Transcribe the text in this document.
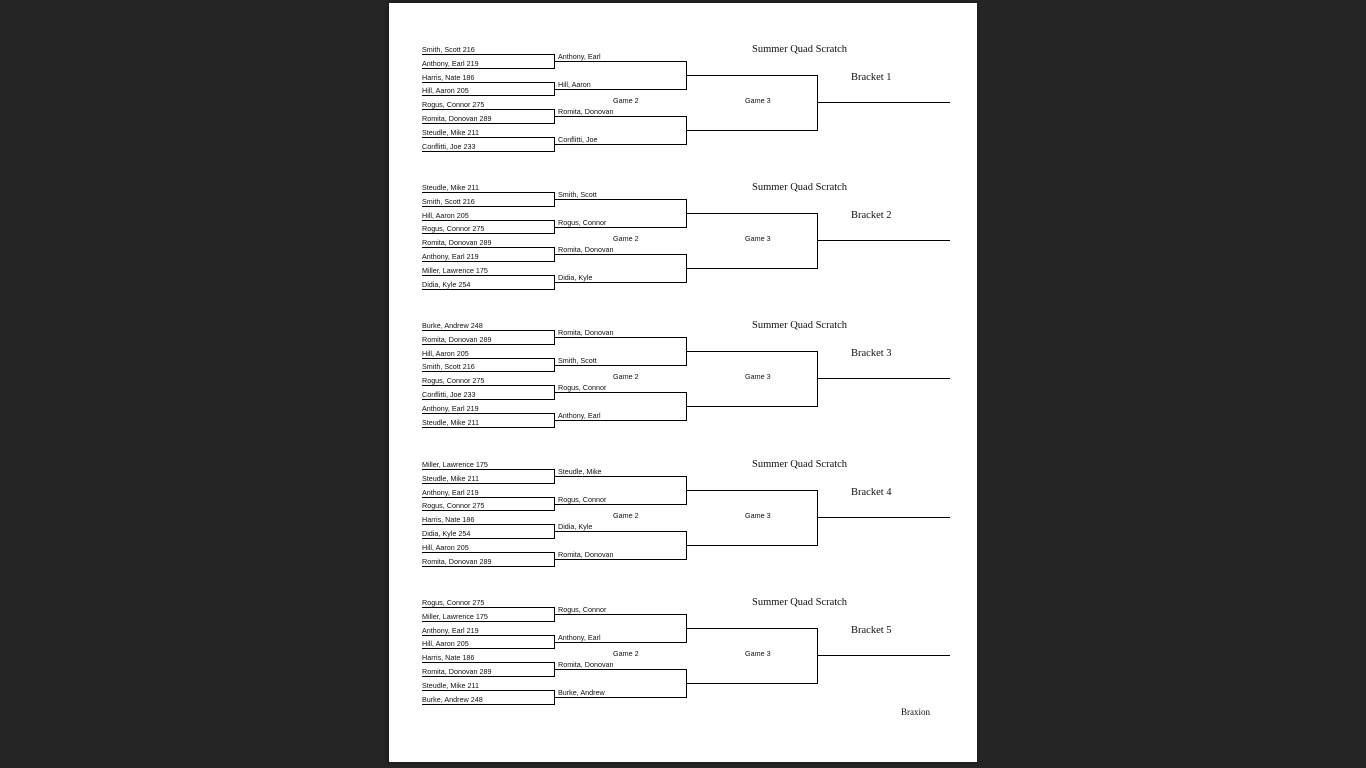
Smith, Scott 216
Anthony, Earl 219
Harris, Nate 186
Hill, Aaron 205
Rogus, Connor 275
Romita, Donovan 289
Steudle, Mike 211
Conflitti, Joe 233
Anthony, Earl
Hill, Aaron
Romita, Donovan
Conflitti, Joe
Game 2	Game 3
Summer Quad Scratch
Bracket 1
Steudle, Mike 211
Smith, Scott 216
Hill, Aaron 205
Rogus, Connor 275
Romita, Donovan 289
Anthony, Earl 219
Miller, Lawrence 175
Didia, Kyle 254
Smith, Scott
Rogus, Connor
Romita, Donovan
Didia, Kyle
Game 2	Game 3
Summer Quad Scratch
Bracket 2
Burke, Andrew 248
Romita, Donovan 289
Hill, Aaron 205
Smith, Scott 216
Rogus, Connor 275
Conflitti, Joe 233
Anthony, Earl 219
Steudle, Mike 211
Romita, Donovan
Smith, Scott
Rogus, Connor
Anthony, Earl
Game 2	Game 3
Summer Quad Scratch
Bracket 3
Miller, Lawrence 175
Steudle, Mike 211
Anthony, Earl 219
Rogus, Connor 275
Harris, Nate 186
Didia, Kyle 254
Hill, Aaron 205
Romita, Donovan 289
Steudle, Mike
Rogus, Connor
Didia, Kyle
Romita, Donovan
Game 2	Game 3
Summer Quad Scratch
Bracket 4
Rogus, Connor 275
Miller, Lawrence 175
Anthony, Earl 219
Hill, Aaron 205
Harris, Nate 186
Romita, Donovan 289
Steudle, Mike 211
Burke, Andrew 248
Rogus, Connor
Anthony, Earl
Romita, Donovan
Burke, Andrew
Game 2	Game 3
Summer Quad Scratch
Bracket 5
Braxion
